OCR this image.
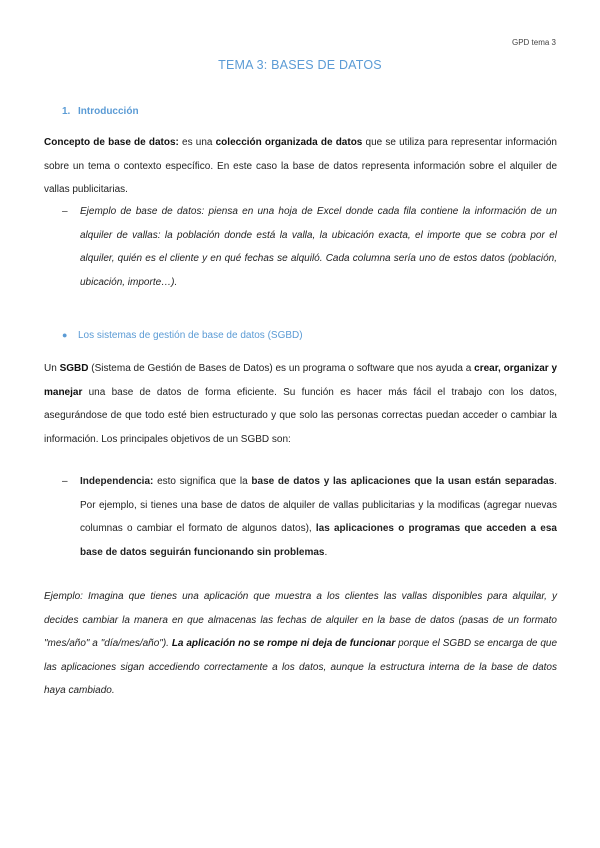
GPD tema 3
TEMA 3: BASES DE DATOS
1. Introducción
Concepto de base de datos: es una colección organizada de datos que se utiliza para representar información sobre un tema o contexto específico. En este caso la base de datos representa información sobre el alquiler de vallas publicitarias.
–	Ejemplo de base de datos: piensa en una hoja de Excel donde cada fila contiene la información de un alquiler de vallas: la población donde está la valla, la ubicación exacta, el importe que se cobra por el alquiler, quién es el cliente y en qué fechas se alquiló. Cada columna sería uno de estos datos (población, ubicación, importe…).
● Los sistemas de gestión de base de datos (SGBD)
Un SGBD (Sistema de Gestión de Bases de Datos) es un programa o software que nos ayuda a crear, organizar y manejar una base de datos de forma eficiente. Su función es hacer más fácil el trabajo con los datos, asegurándose de que todo esté bien estructurado y que solo las personas correctas puedan acceder o cambiar la información. Los principales objetivos de un SGBD son:
–	Independencia: esto significa que la base de datos y las aplicaciones que la usan están separadas. Por ejemplo, si tienes una base de datos de alquiler de vallas publicitarias y la modificas (agregar nuevas columnas o cambiar el formato de algunos datos), las aplicaciones o programas que acceden a esa base de datos seguirán funcionando sin problemas.
Ejemplo: Imagina que tienes una aplicación que muestra a los clientes las vallas disponibles para alquilar, y decides cambiar la manera en que almacenas las fechas de alquiler en la base de datos (pasas de un formato "mes/año" a "día/mes/año"). La aplicación no se rompe ni deja de funcionar porque el SGBD se encarga de que las aplicaciones sigan accediendo correctamente a los datos, aunque la estructura interna de la base de datos haya cambiado.
